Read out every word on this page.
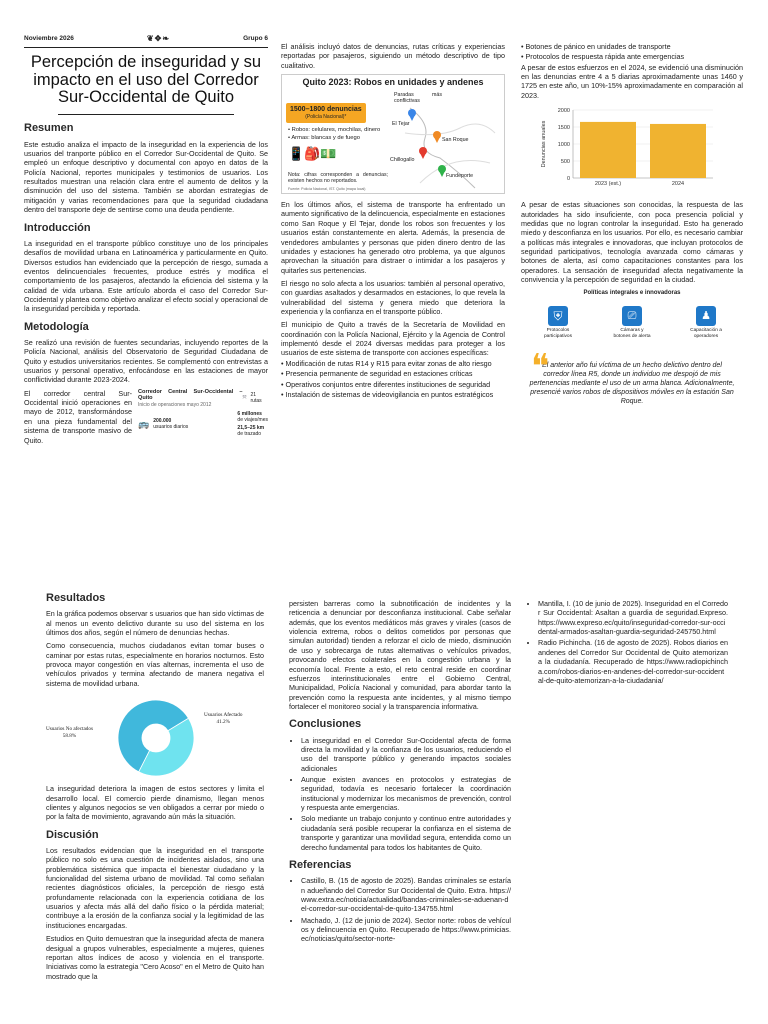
Noviembre 2026	❦✥❧	Grupo 6
Percepción de inseguridad y su impacto en el uso del Corredor Sur-Occidental de Quito
Resumen

Este estudio analiza el impacto de la inseguridad en la experiencia de los usuarios del tranporte público en el Corredor Sur-Occidental de Quito. Se empleó un enfoque descriptivo y documental con apoyo en datos de la Policía Nacional, reportes municipales y testimonios de usuarios. Los resultados muestran una relación clara entre el aumento de delitos y la disminución del uso del sistema. También se abordan estrategias de mitigación y varias recomendaciones para que la seguridad ciudadana dentro del transporte deje de sentirse como una deuda pendiente.

Introducción

La inseguridad en el transporte público constituye uno de los principales desafíos de movilidad urbana en Latinoamérica y particularmente en Quito. Diversos estudios han evidenciado que la percepción de riesgo, sumada a eventos delincuenciales frecuentes, produce estrés y modifica el comportamiento de los pasajeros, afectando la eficiencia del sistema y la calidad de vida urbana. Este artículo aborda el caso del Corredor Sur-Occidental y plantea como objetivo analizar el efecto social y operacional de la inseguridad percibida y reportada.

Metodología

Se realizó una revisión de fuentes secundarias, incluyendo reportes de la Policía Nacional, análisis del Observatorio de Seguridad Ciudadana de Quito y estudios universitarios recientes. Se complementó con entrevistas a usuarios y personal operativo, enfocándose en las estaciones de mayor conflictividad durante 2023-2024.

El corredor central Sur-Occidental inició operaciones en mayo de 2012, transformándose en una pieza fundamental del sistema de transporte masivo de Quito.

Corredor Central Sur-Occidental – Quito
Inicio de operaciones mayo 2012
⤧ 21 rutas
🚌 200.000
usuarios diarios
6 millones
de viajes/mes
21,5–25 km
de trazado

El análisis incluyó datos de denuncias, rutas críticas y experiencias reportadas por pasajeros, siguiendo un método descriptivo de tipo cualitativo.

Quito 2023: Robos en unidades y andenes
1500–1800 denuncias
(Policía Nacional)*
• Robos: celulares, mochilas, dinero
• Armas: blancas y de fuego
📱🎒💵
Nota: cifras corresponden a denuncias; existen hechos no reportados.
Paradas más conflictivas
El Tejar
San Roque
Chillogallo
Fundeporte
Fuente: Policía Nacional, IST. Quito (mapa local)

En los últimos años, el sistema de transporte ha enfrentado un aumento significativo de la delincuencia, especialmente en estaciones como San Roque y El Tejar, donde los robos son frecuentes y los usuarios están constantemente en alerta. Además, la presencia de vendedores ambulantes y personas que piden dinero dentro de las unidades y estaciones ha generado otro problema, ya que algunos aprovechan la situación para distraer o intimidar a los pasajeros y quitarles sus pertenencias.

El riesgo no solo afecta a los usuarios: también al personal operativo, con guardias asaltados y desarmados en estaciones, lo que revela la vulnerabilidad del sistema y genera miedo que deteriora la experiencia y la confianza en el transporte público.

El municipio de Quito a través de la Secretaría de Movilidad en coordinación con la Policía Nacional, Ejército y la Agencia de Control implementó desde el 2024 diversas medidas para proteger a los usuarios de este sistema de transporte con acciones específicas:

• Modificación de rutas R14 y R15 para evitar zonas de alto riesgo
• Presencia permanente de seguridad en estaciones críticas
• Operativos conjuntos entre diferentes instituciones de seguridad
• Instalación de sistemas de videovigilancia en puntos estratégicos
• Botones de pánico en unidades de transporte
• Protocolos de respuesta rápida ante emergencias

A pesar de estos esfuerzos en el 2024, se evidenció una disminución en las denuncias entre 4 a 5 diarias aproximadamente unas 1460 y 1725 en este año, un 10%-15% aproximadamente en comparación al 2023.

0
500
1000
1500
2000
2023 (est.)	2024
Denuncias anuales

A pesar de estas situaciones son conocidas, la respuesta de las autoridades ha sido insuficiente, con poca presencia policial y medidas que no logran controlar la inseguridad. Esto ha generado miedo y desconfianza en los usuarios. Por ello, es necesario cambiar a políticas más integrales e innovadoras, que incluyan protocolos de seguridad participativos, tecnología avanzada como cámaras y botones de alerta, así como capacitaciones constantes para los operadores. La sensación de inseguridad afecta negativamente la convivencia y la percepción de seguridad en la ciudad.

Políticas integrales e innovadoras
⛨
Protocolos participativos
⎚
Cámaras y botones de alerta
♟
Capacitación a operadores
❝
El anterior año fui víctima de un hecho delictivo dentro del corredor línea R5, donde un individuo me despojó de mis pertenencias mediante el uso de un arma blanca. Adicionalmente, presencié varios robos de dispositivos móviles en la estación San Roque.
Resultados

En la gráfica podemos observar s usuarios que han sido víctimas de al menos un evento delictivo durante su uso del sistema en los últimos dos años, según el número de denuncias hechas.

Como consecuencia, muchos ciudadanos evitan tomar buses o caminar por estas rutas, especialmente en horarios nocturnos. Esto provoca mayor congestión en vías alternas, incrementa el uso de vehículos privados y termina afectando de manera negativa el sistema de movilidad urbana.

Usuarios No afectados
58.8%
Usuarios Afectado
41.2%

La inseguridad deteriora la imagen de estos sectores y limita el desarrollo local. El comercio pierde dinamismo, llegan menos clientes y algunos negocios se ven obligados a cerrar por miedo o por la falta de movimiento, agravando aún más la situación.

Discusión

Los resultados evidencian que la inseguridad en el transporte público no solo es una cuestión de incidentes aislados, sino una problemática sistémica que impacta el bienestar ciudadano y la funcionalidad del sistema urbano de movilidad. Tal como señalan recientes diagnósticos oficiales, la percepción de riesgo está profundamente relacionada con la experiencia cotidiana de los usuarios y afecta más allá del daño físico o la pérdida material; contribuye a la erosión de la confianza social y la legitimidad de las instituciones encargadas.

Estudios en Quito demuestran que la inseguridad afecta de manera desigual a grupos vulnerables, especialmente a mujeres, quienes reportan altos índices de acoso y violencia en el transporte. Iniciativas como la estrategia "Cero Acoso" en el Metro de Quito han mostrado que la

persisten barreras como la subnotificación de incidentes y la reticencia a denunciar por desconfianza institucional. Cabe señalar además, que los eventos mediáticos más graves y virales (casos de violencia extrema, robos o delitos cometidos por personas que simulan autoridad) tienden a reforzar el ciclo de miedo, disminución de uso y sobrecarga de rutas alternativas o vehículos privados, provocando efectos colaterales en la congestión urbana y la economía local. Frente a esto, el reto central reside en coordinar esfuerzos interinstitucionales entre el Gobierno Central, Municipalidad, Policía Nacional y comunidad, para abordar tanto la prevención como la respuesta ante incidentes, y al mismo tiempo fortalecer el monitoreo social y la transparencia informativa.

Conclusiones
• La inseguridad en el Corredor Sur-Occidental afecta de forma directa la movilidad y la confianza de los usuarios, reduciendo el uso del transporte público y generando impactos sociales adicionales
• Aunque existen avances en protocolos y estrategias de seguridad, todavía es necesario fortalecer la coordinación institucional y modernizar los mecanismos de prevención, control y respuesta ante emergencias.
• Solo mediante un trabajo conjunto y continuo entre autoridades y ciudadanía será posible recuperar la confianza en el sistema de transporte y garantizar una movilidad segura, entendida como un derecho fundamental para todos los habitantes de Quito.
Referencias
• Castillo, B. (15 de agosto de 2025). Bandas criminales se estarían adueñando del Corredor Sur Occidental de Quito. Extra. https://www.extra.ec/noticia/actualidad/bandas-criminales-se-aduenan-del-corredor-sur-occidental-de-quito-134755.html
• Machado, J. (12 de junio de 2024). Sector norte: robos de vehículos y delincuencia en Quito. Recuperado de https://www.primicias.ec/noticias/quito/sector-norte-
• Mantilla, I. (10 de junio de 2025). Inseguridad en el Corredor Sur Occidental: Asaltan a guardia de seguridad.Expreso. https://www.expreso.ec/quito/inseguridad-corredor-sur-occidental-armados-asaltan-guardia-seguridad-245750.html
• Radio Pichincha. (16 de agosto de 2025). Robos diarios en andenes del Corredor Sur Occidental de Quito atemorizan a la ciudadanía. Recuperado de https://www.radiopichincha.com/robos-diarios-en-andenes-del-corredor-sur-occidental-de-quito-atemorizan-a-la-ciudadania/
